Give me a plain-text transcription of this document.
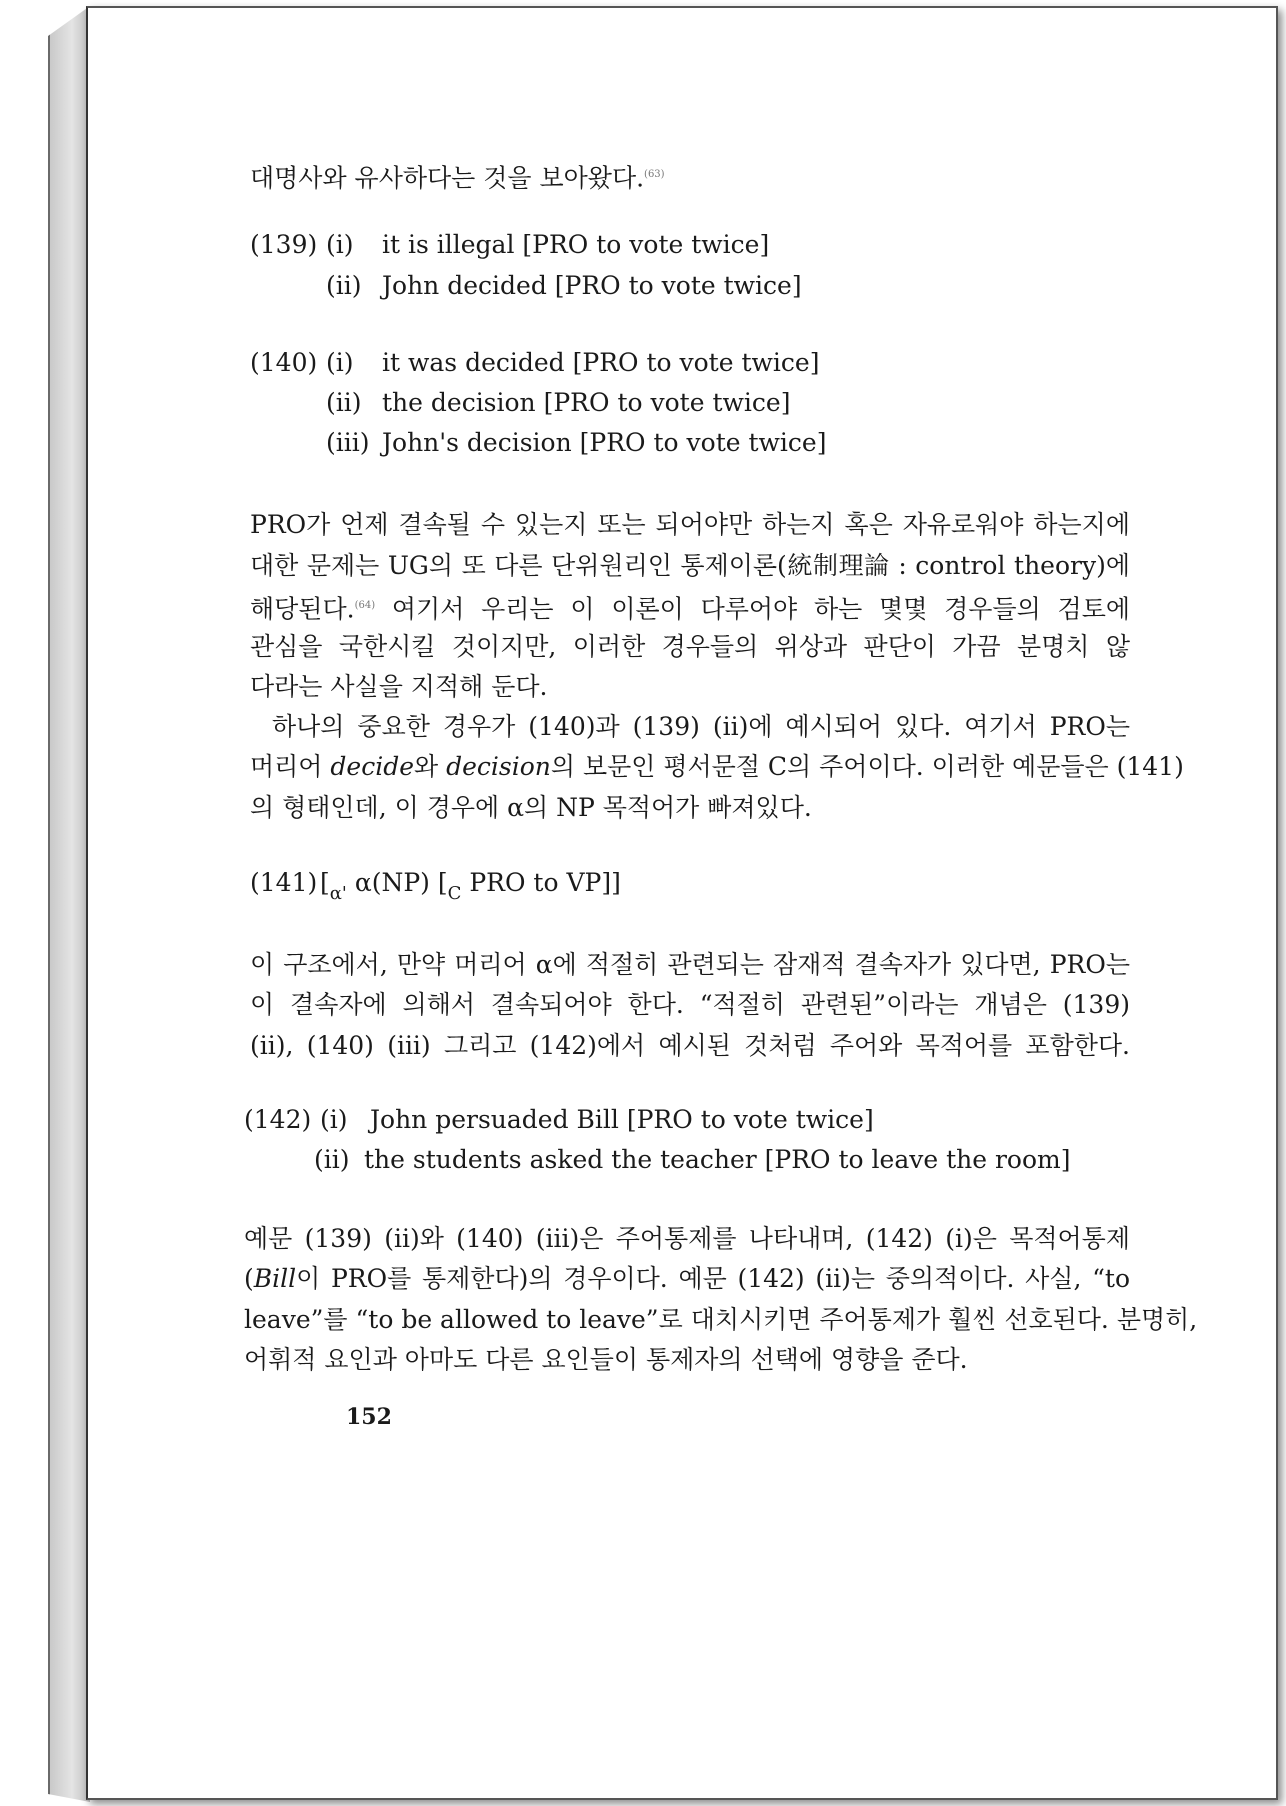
대명사와 유사하다는 것을 보아왔다.$^{(63)}$
(139) (i) it is illegal [PRO to vote twice]
(ii) John decided [PRO to vote twice]
(140) (i) it was decided [PRO to vote twice]
(ii) the decision [PRO to vote twice]
(iii) John's decision [PRO to vote twice]
PRO가 언제 결속될 수 있는지 또는 되어야만 하는지 혹은 자유로워야 하는지에
대한 문제는 UG의 또 다른 단위원리인 통제이론(統制理論 : control theory)에
해당된다.$^{(64)}$ 여기서 우리는 이 이론이 다루어야 하는 몇몇 경우들의 검토에
관심을 국한시킬 것이지만, 이러한 경우들의 위상과 판단이 가끔 분명치 않
다라는 사실을 지적해 둔다.
하나의 중요한 경우가 (140)과 (139) (ii)에 예시되어 있다. 여기서 PRO는
머리어 decide와 decision의 보문인 평서문절 C의 주어이다. 이러한 예문들은 (141)
의 형태인데, 이 경우에 α의 NP 목적어가 빠져있다.
(141) [$_{\alpha'}$ α(NP) [$_C$ PRO to VP]]
이 구조에서, 만약 머리어 α에 적절히 관련되는 잠재적 결속자가 있다면, PRO는
이 결속자에 의해서 결속되어야 한다. “적절히 관련된”이라는 개념은 (139)
(ii), (140) (iii) 그리고 (142)에서 예시된 것처럼 주어와 목적어를 포함한다.
(142) (i) John persuaded Bill [PRO to vote twice]
(ii) the students asked the teacher [PRO to leave the room]
예문 (139) (ii)와 (140) (iii)은 주어통제를 나타내며, (142) (i)은 목적어통제
(Bill이 PRO를 통제한다)의 경우이다. 예문 (142) (ii)는 중의적이다. 사실, “to
leave”를 “to be allowed to leave”로 대치시키면 주어통제가 훨씬 선호된다. 분명히,
어휘적 요인과 아마도 다른 요인들이 통제자의 선택에 영향을 준다.
152
